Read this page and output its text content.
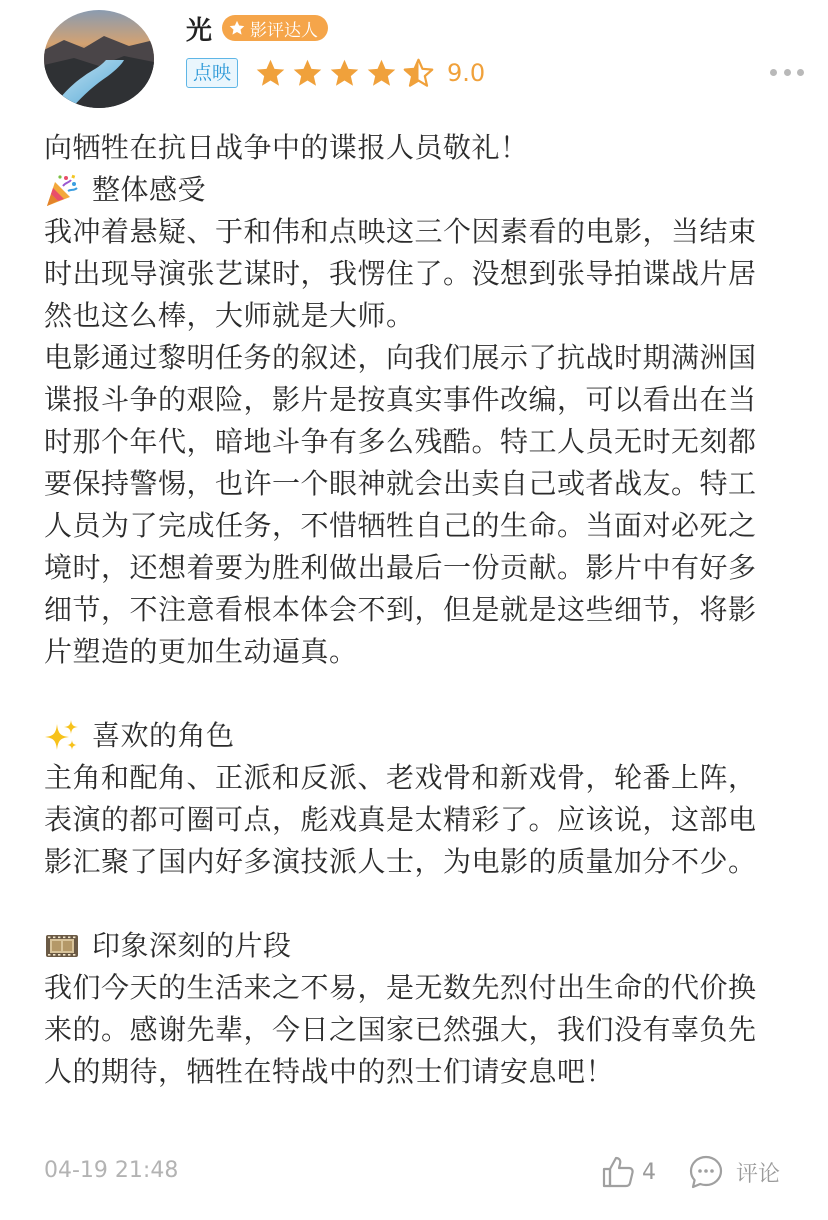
光 影评达人
点映	9.0

向牺牲在抗日战争中的谍报人员敬礼！

整体感受

我冲着悬疑、于和伟和点映这三个因素看的电影，当结束时出现导演张艺谋时，我愣住了。没想到张导拍谍战片居然也这么棒，大师就是大师。

电影通过黎明任务的叙述，向我们展示了抗战时期满洲国谍报斗争的艰险，影片是按真实事件改编，可以看出在当时那个年代，暗地斗争有多么残酷。特工人员无时无刻都要保持警惕，也许一个眼神就会出卖自己或者战友。特工人员为了完成任务，不惜牺牲自己的生命。当面对必死之境时，还想着要为胜利做出最后一份贡献。影片中有好多细节，不注意看根本体会不到，但是就是这些细节，将影片塑造的更加生动逼真。

喜欢的角色

主角和配角、正派和反派、老戏骨和新戏骨，轮番上阵，表演的都可圈可点，彪戏真是太精彩了。应该说，这部电影汇聚了国内好多演技派人士，为电影的质量加分不少。

印象深刻的片段

我们今天的生活来之不易，是无数先烈付出生命的代价换来的。感谢先辈，今日之国家已然强大，我们没有辜负先人的期待，牺牲在特战中的烈士们请安息吧！

04-19 21:48	4	评论
